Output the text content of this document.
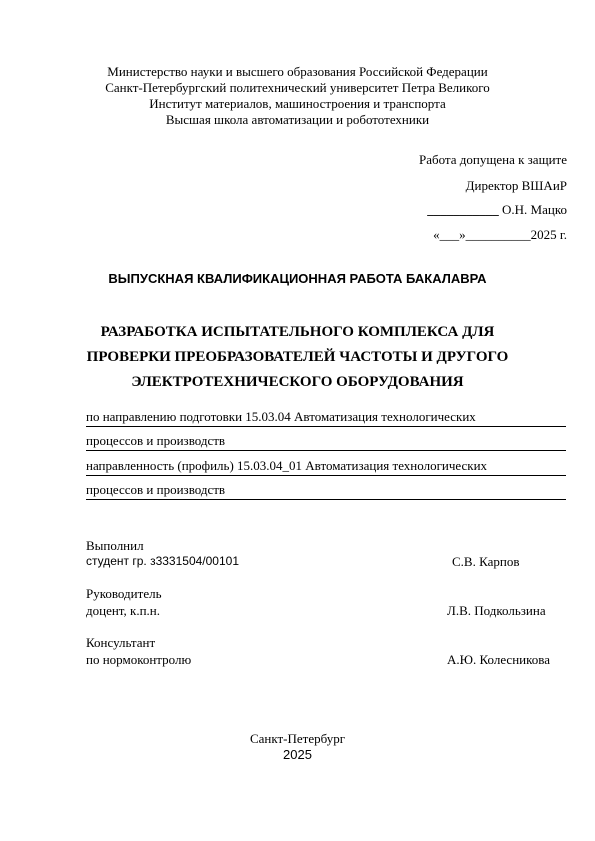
Министерство науки и высшего образования Российской Федерации
Санкт-Петербургский политехнический университет Петра Великого
Институт материалов, машиностроения и транспорта
Высшая школа автоматизации и робототехники
Работа допущена к защите
Директор ВШАиР
___________ О.Н. Мацко
«___»__________2025 г.
ВЫПУСКНАЯ КВАЛИФИКАЦИОННАЯ РАБОТА БАКАЛАВРА
РАЗРАБОТКА ИСПЫТАТЕЛЬНОГО КОМПЛЕКСА ДЛЯ
ПРОВЕРКИ ПРЕОБРАЗОВАТЕЛЕЙ ЧАСТОТЫ И ДРУГОГО
ЭЛЕКТРОТЕХНИЧЕСКОГО ОБОРУДОВАНИЯ
по направлению подготовки 15.03.04 Автоматизация технологических
процессов и производств
направленность (профиль) 15.03.04_01 Автоматизация технологических
процессов и производств
Выполнил
студент гр. з3331504/00101	С.В. Карпов
Руководитель
доцент, к.п.н.	Л.В. Подкользина
Консультант
по нормоконтролю	А.Ю. Колесникова
Санкт-Петербург
2025
